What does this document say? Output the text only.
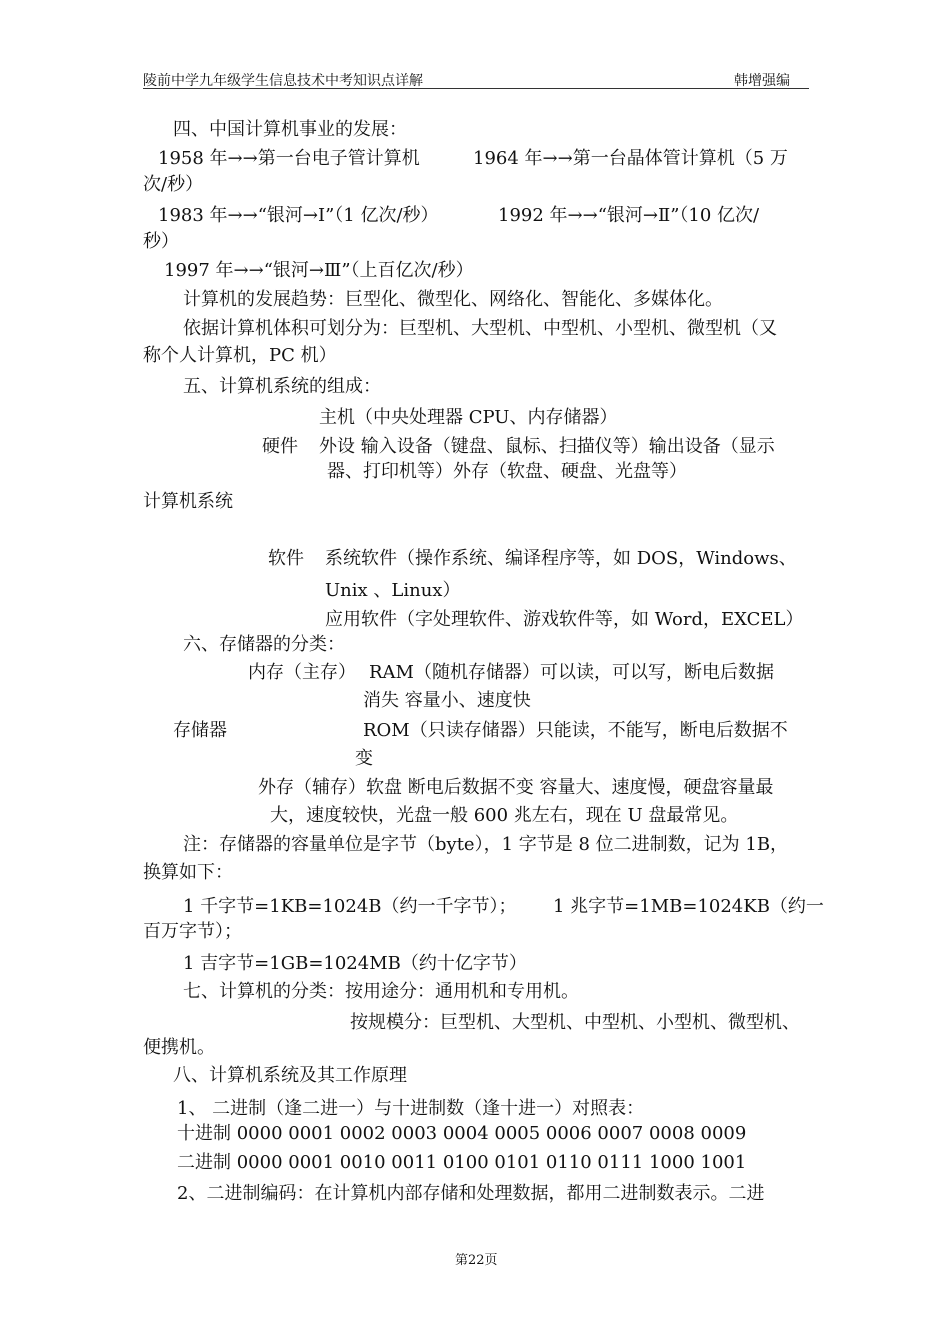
陵前中学九年级学生信息技术中考知识点详解	韩增强编
四、中国计算机事业的发展：
1958 年→→第一台电子管计算机	1964 年→→第一台晶体管计算机（5 万
次/秒）
1983 年→→“银河→Ⅰ”（1 亿次/秒）	1992 年→→“银河→Ⅱ”（10 亿次/
秒）
1997 年→→“银河→Ⅲ”（上百亿次/秒）
计算机的发展趋势：巨型化、微型化、网络化、智能化、多媒体化。
依据计算机体积可划分为：巨型机、大型机、中型机、小型机、微型机（又
称个人计算机，PC 机）
五、计算机系统的组成：
主机（中央处理器 CPU、内存储器）
硬件 外设 输入设备（键盘、鼠标、扫描仪等）输出设备（显示
器、打印机等）外存（软盘、硬盘、光盘等）
计算机系统
软件 系统软件（操作系统、编译程序等，如 DOS，Windows、
Unix 、Linux）
应用软件（字处理软件、游戏软件等，如 Word，EXCEL）
六、存储器的分类：
内存（主存） RAM（随机存储器）可以读，可以写，断电后数据
消失 容量小、速度快
存储器	ROM（只读存储器）只能读，不能写，断电后数据不
变
外存（辅存）软盘 断电后数据不变 容量大、速度慢，硬盘容量最
大，速度较快，光盘一般 600 兆左右，现在 U 盘最常见。
注：存储器的容量单位是字节（byte），1 字节是 8 位二进制数，记为 1B，
换算如下：
1 千字节=1KB=1024B（约一千字节）； 1 兆字节=1MB=1024KB（约一
百万字节）；
1 吉字节=1GB=1024MB（约十亿字节）
七、计算机的分类：按用途分：通用机和专用机。
按规模分：巨型机、大型机、中型机、小型机、微型机、
便携机。
八、计算机系统及其工作原理
1、 二进制（逢二进一）与十进制数（逢十进一）对照表：
十进制 0000 0001 0002 0003 0004 0005 0006 0007 0008 0009
二进制 0000 0001 0010 0011 0100 0101 0110 0111 1000 1001
2、二进制编码：在计算机内部存储和处理数据，都用二进制数表示。二进
第22页
